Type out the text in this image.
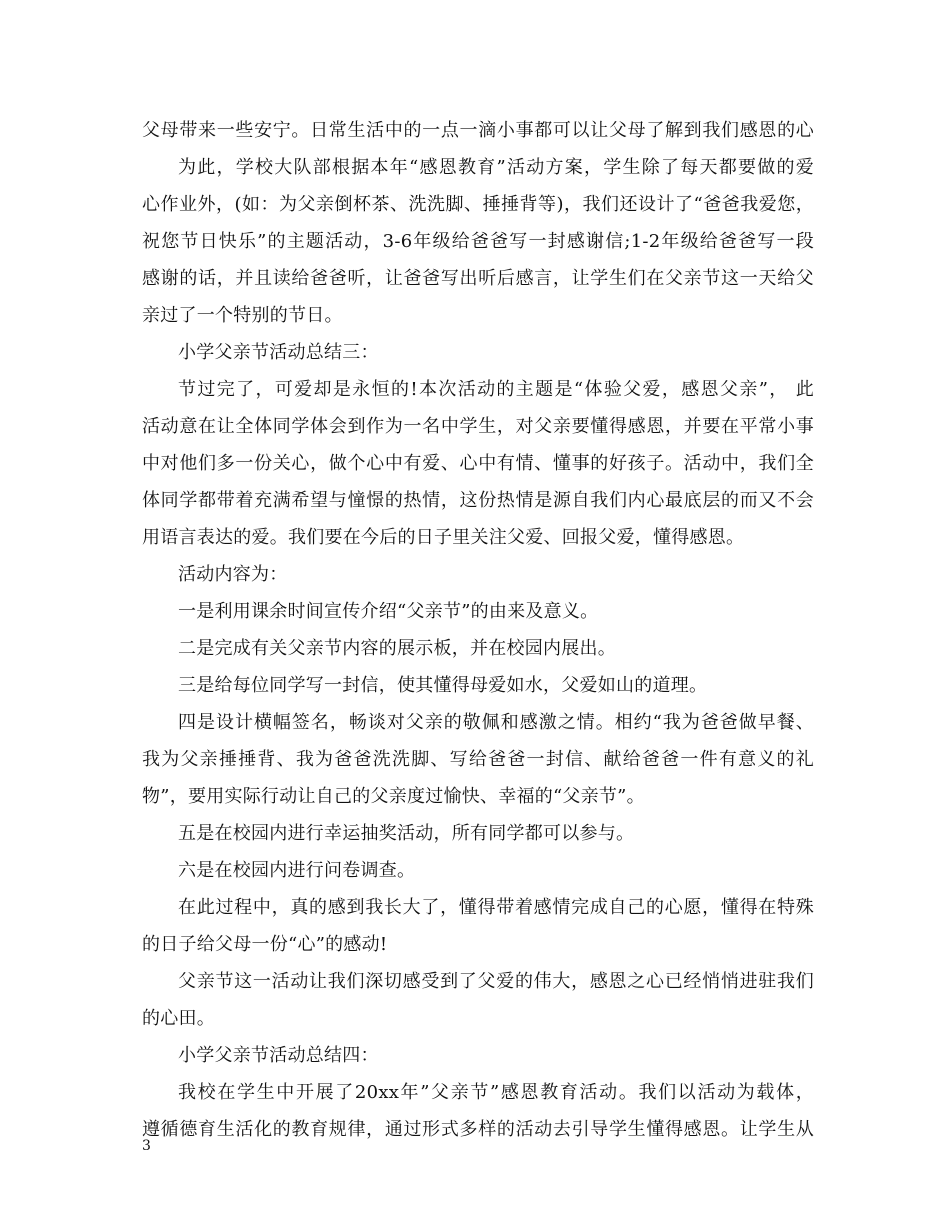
父母带来一些安宁。日常生活中的一点一滴小事都可以让父母了解到我们感恩的心
为此，学校大队部根据本年“感恩教育”活动方案，学生除了每天都要做的爱
心作业外，(如：为父亲倒杯茶、洗洗脚、捶捶背等)，我们还设计了“爸爸我爱您，
祝您节日快乐”的主题活动，3-6年级给爸爸写一封感谢信;1-2年级给爸爸写一段
感谢的话，并且读给爸爸听，让爸爸写出听后感言，让学生们在父亲节这一天给父
亲过了一个特别的节日。
小学父亲节活动总结三：
节过完了，可爱却是永恒的!本次活动的主题是“体验父爱，感恩父亲”， 此
活动意在让全体同学体会到作为一名中学生，对父亲要懂得感恩，并要在平常小事
中对他们多一份关心，做个心中有爱、心中有情、懂事的好孩子。活动中，我们全
体同学都带着充满希望与憧憬的热情，这份热情是源自我们内心最底层的而又不会
用语言表达的爱。我们要在今后的日子里关注父爱、回报父爱，懂得感恩。
活动内容为：
一是利用课余时间宣传介绍“父亲节”的由来及意义。
二是完成有关父亲节内容的展示板，并在校园内展出。
三是给每位同学写一封信，使其懂得母爱如水，父爱如山的道理。
四是设计横幅签名，畅谈对父亲的敬佩和感激之情。相约“我为爸爸做早餐、
我为父亲捶捶背、我为爸爸洗洗脚、写给爸爸一封信、献给爸爸一件有意义的礼
物”，要用实际行动让自己的父亲度过愉快、幸福的“父亲节”。
五是在校园内进行幸运抽奖活动，所有同学都可以参与。
六是在校园内进行问卷调查。
在此过程中，真的感到我长大了，懂得带着感情完成自己的心愿，懂得在特殊
的日子给父母一份“心”的感动!
父亲节这一活动让我们深切感受到了父爱的伟大，感恩之心已经悄悄进驻我们
的心田。
小学父亲节活动总结四：
我校在学生中开展了20xx年”父亲节”感恩教育活动。我们以活动为载体，
遵循德育生活化的教育规律，通过形式多样的活动去引导学生懂得感恩。让学生从
3
